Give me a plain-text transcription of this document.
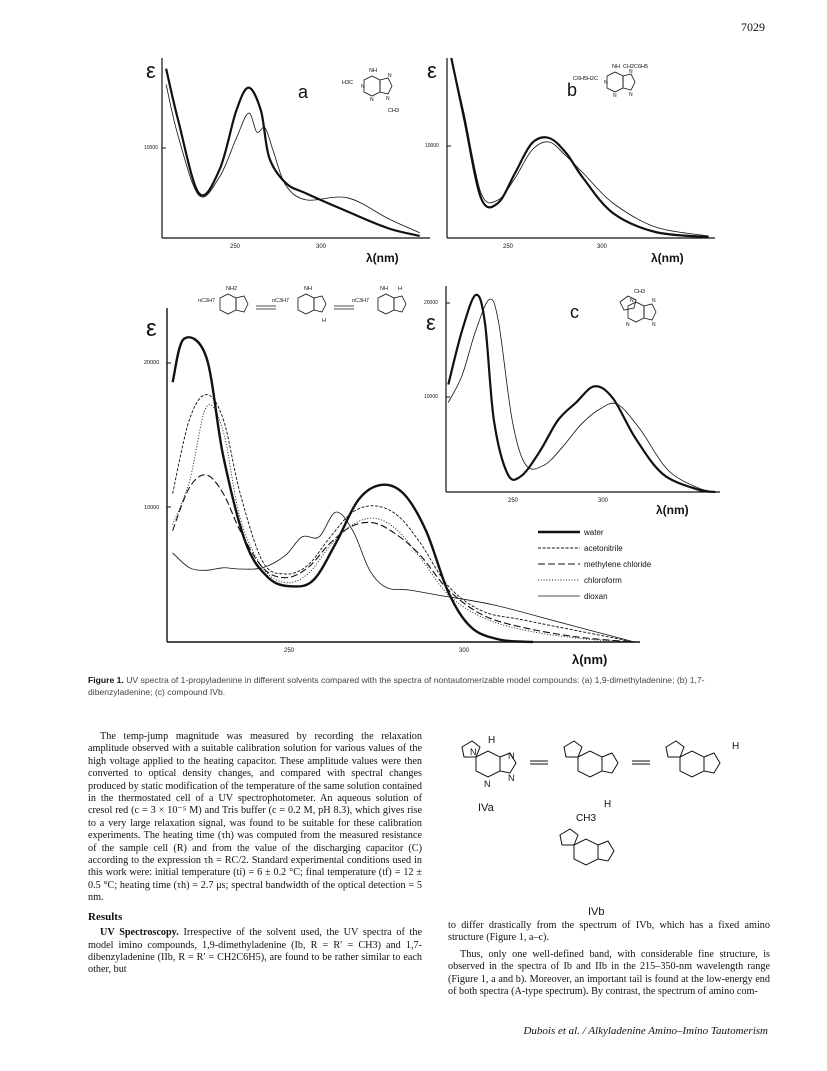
7029
ε
a
λ(nm)
250	300
10000
NH
H3C
N
N
N
N
CH3
ε
b
λ(nm)
250	300
10000
NH CH2C6H5
C6H5H2C
N
N
N
N
ε
λ(nm)
250	300
20000
10000
NH2
nC3H7
NH
nC3H7
H
NH H
nC3H7
water
acetonitrile
methylene chloride
chloroform
dioxan
ε	c
λ(nm)
250	300
20000
10000
CH3
N
N
N
N
Figure 1. UV spectra of 1-propyladenine in different solvents compared with the spectra of nontautomerizable model compounds: (a) 1,9-dimethyladenine; (b) 1,7-dibenzyladenine; (c) compound IVb.

The temp-jump magnitude was measured by recording the relaxation amplitude observed with a suitable calibration solution for various values of the high voltage applied to the heating capacitor. These amplitude values were then converted to optical density changes, and compared with spectral changes produced by static modification of the temperature of the same solution contained in the thermostated cell of a UV spectrophotometer. An aqueous solution of cresol red (c = 3 × 10⁻⁵ M) and Tris buffer (c = 0.2 M, pH 8.3), which gives rise to a very large relaxation signal, was found to be suitable for these calibration experiments. The heating time (τh) was computed from the measured resistance of the sample cell (R) and from the value of the discharging capacitor (C) according to the expression τh = RC/2. Standard experimental conditions used in this work were: initial temperature (ti) = 6 ± 0.2 °C; final temperature (tf) = 12 ± 0.5 °C; heating time (τh) = 2.7 μs; spectral bandwidth of the optical detection = 5 nm.

Results

UV Spectroscopy. Irrespective of the solvent used, the UV spectra of the model imino compounds, 1,9-dimethyladenine (Ib, R = R′ = CH3) and 1,7-dibenzyladenine (IIb, R = R′ = CH2C6H5), are found to be rather similar to each other, but

H
N	N
N
N
H
H
IVa
CH3
IVb

to differ drastically from the spectrum of IVb, which has a fixed amino structure (Figure 1, a–c).

Thus, only one well-defined band, with considerable fine structure, is observed in the spectra of Ib and IIb in the 215–350-nm wavelength range (Figure 1, a and b). Moreover, an important tail is found at the low-energy end of both spectra (A-type spectrum). By contrast, the spectrum of amino com-

Dubois et al. / Alkyladenine Amino–Imino Tautomerism
